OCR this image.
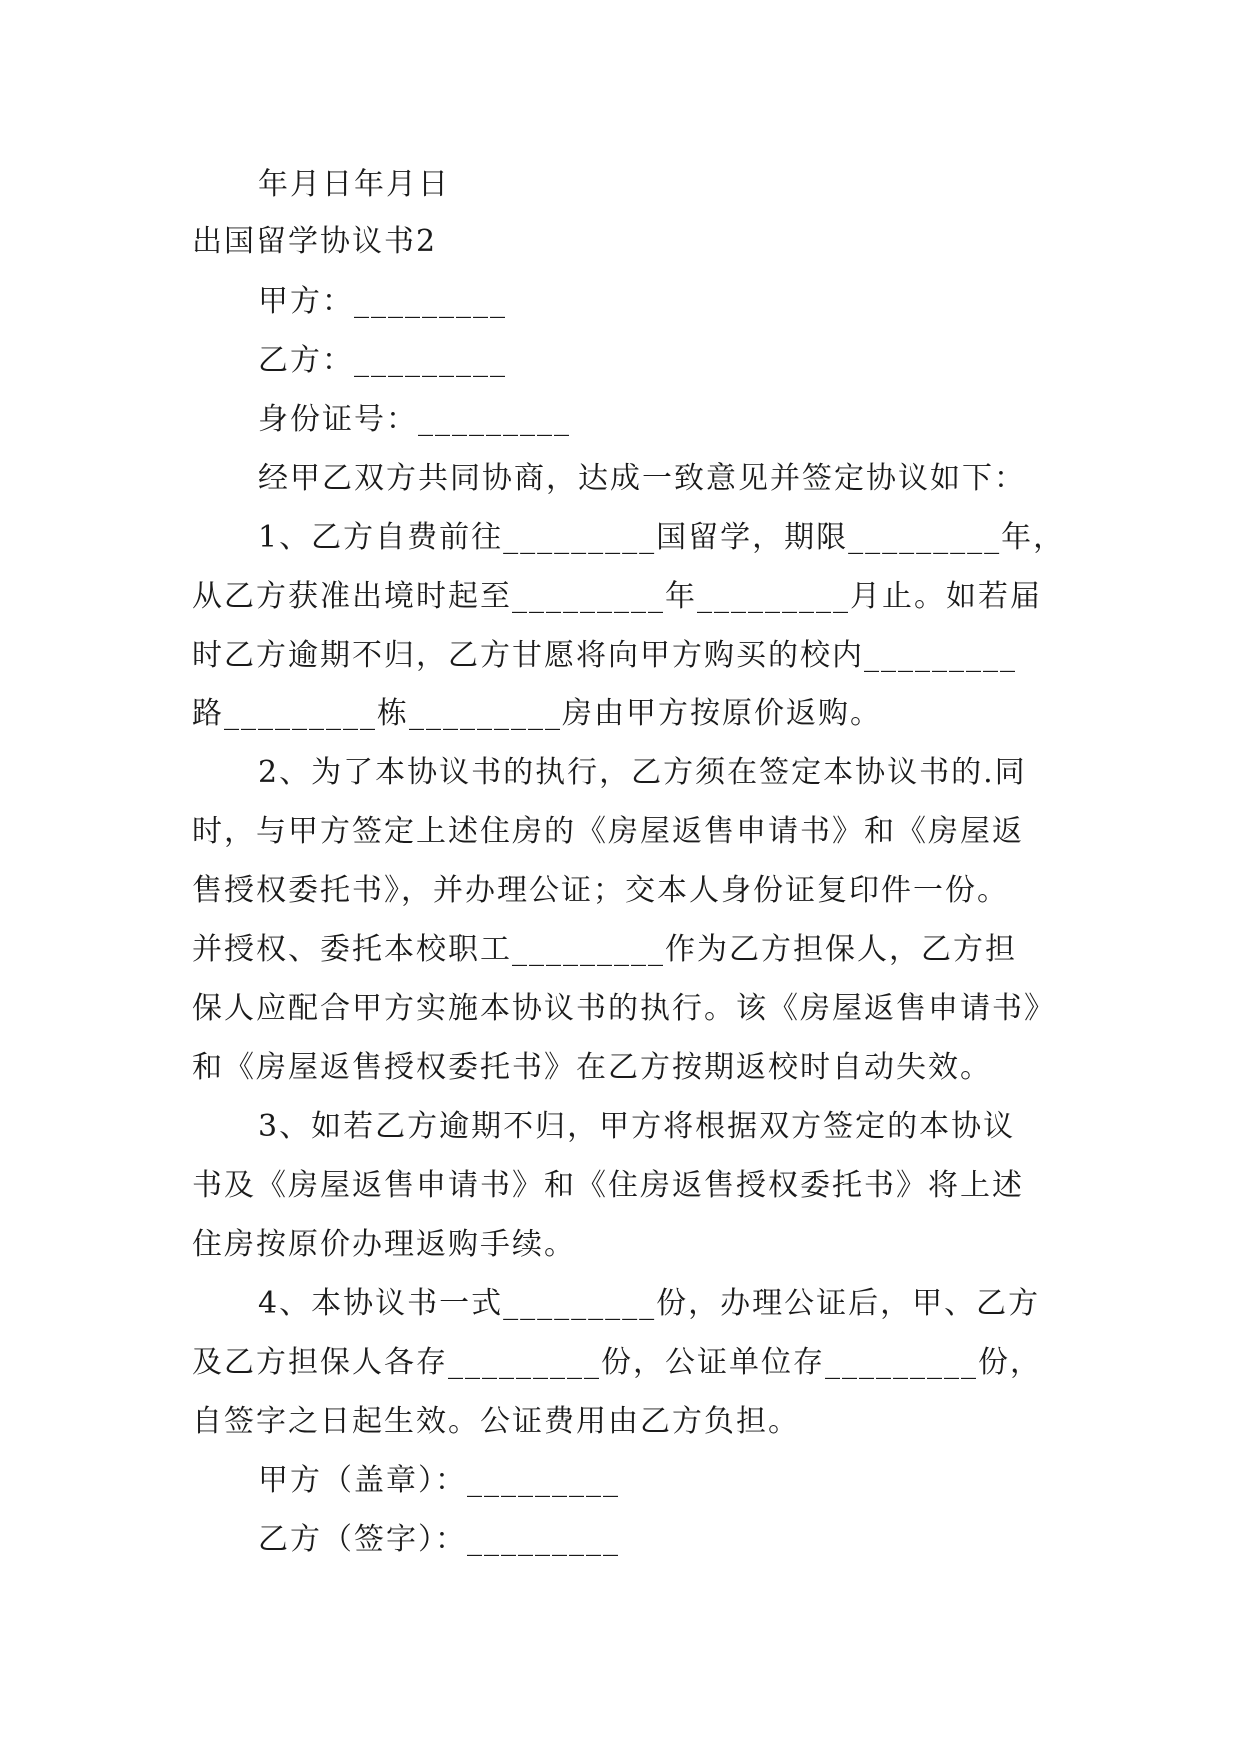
年月日年月日
出国留学协议书2
甲方：_________
乙方：_________
身份证号：_________
经甲乙双方共同协商，达成一致意见并签定协议如下：
1、乙方自费前往_________国留学，期限_________年，
从乙方获准出境时起至_________年_________月止。如若届
时乙方逾期不归，乙方甘愿将向甲方购买的校内_________
路_________栋_________房由甲方按原价返购。
2、为了本协议书的执行，乙方须在签定本协议书的.同
时，与甲方签定上述住房的《房屋返售申请书》和《房屋返
售授权委托书》，并办理公证；交本人身份证复印件一份。
并授权、委托本校职工_________作为乙方担保人，乙方担
保人应配合甲方实施本协议书的执行。该《房屋返售申请书》
和《房屋返售授权委托书》在乙方按期返校时自动失效。
3、如若乙方逾期不归，甲方将根据双方签定的本协议
书及《房屋返售申请书》和《住房返售授权委托书》将上述
住房按原价办理返购手续。
4、本协议书一式_________份，办理公证后，甲、乙方
及乙方担保人各存_________份，公证单位存_________份，
自签字之日起生效。公证费用由乙方负担。
甲方（盖章）：_________
乙方（签字）：_________
